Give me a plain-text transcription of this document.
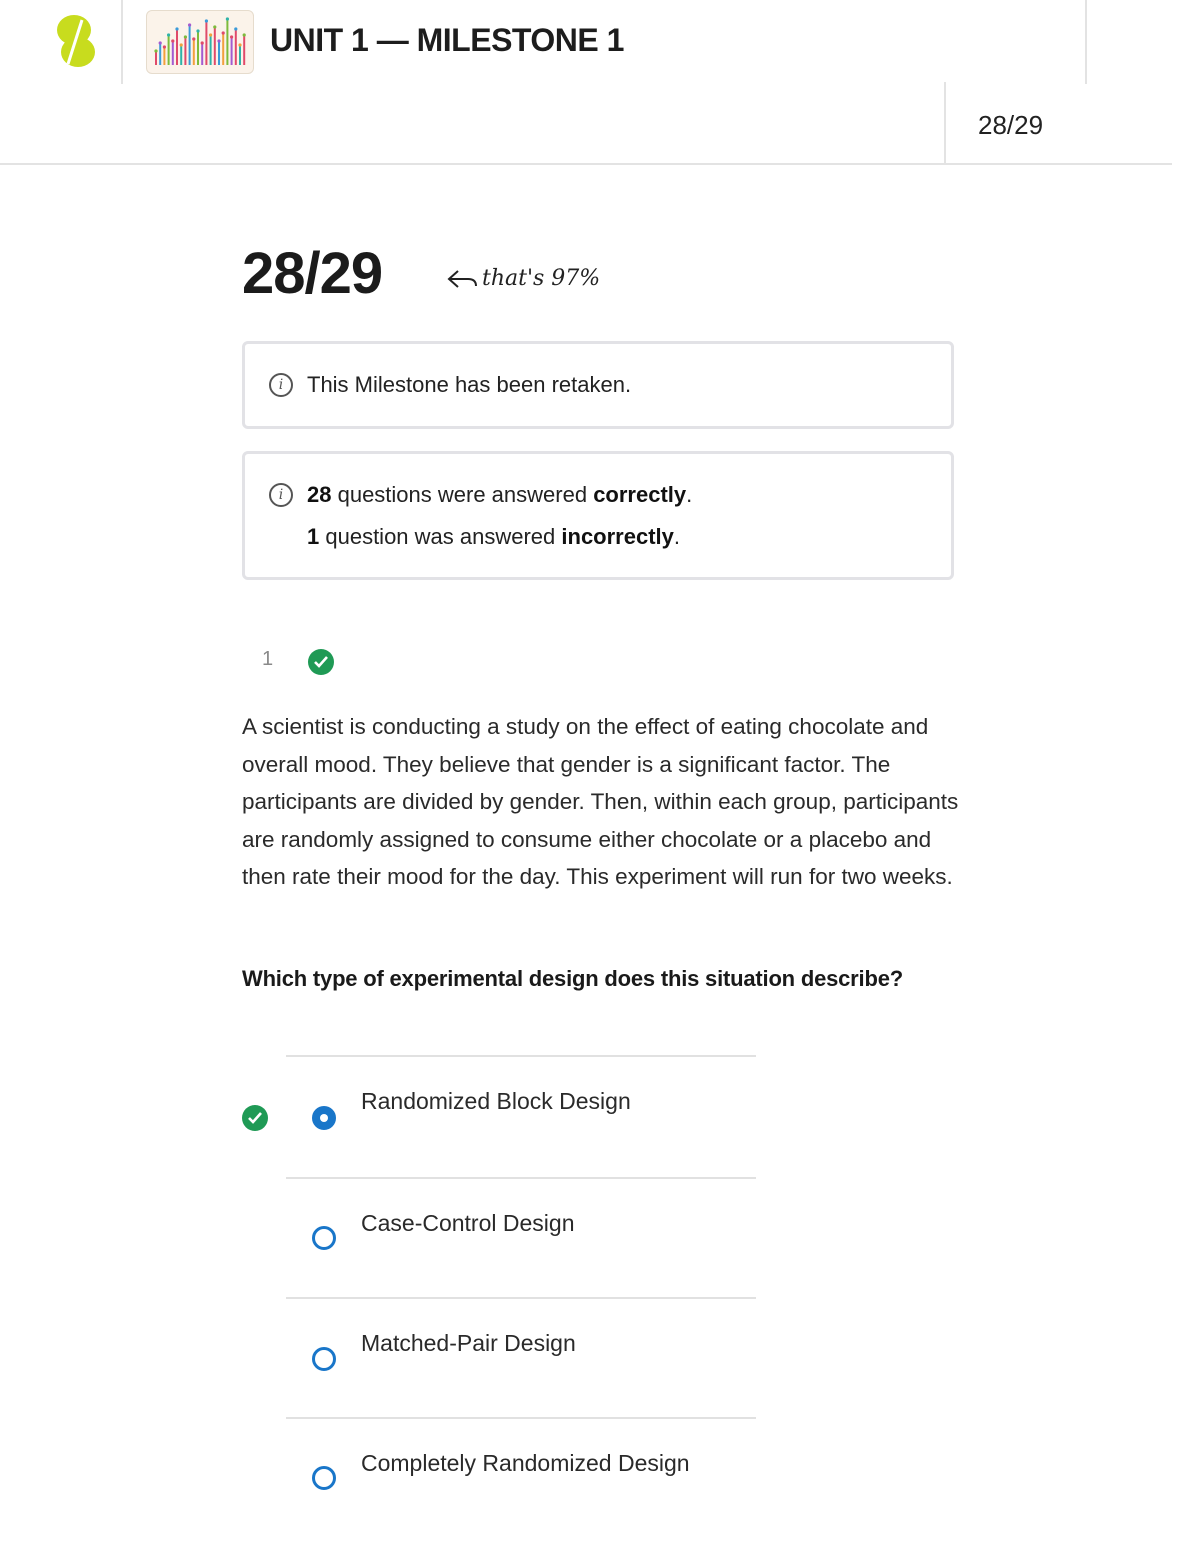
UNIT 1 — MILESTONE 1
28/29
28/29	that's 97%
i	This Milestone has been retaken.
i	28 questions were answered correctly.
1 question was answered incorrectly.
1
A scientist is conducting a study on the effect of eating chocolate and overall mood. They believe that gender is a significant factor. The participants are divided by gender. Then, within each group, participants are randomly assigned to consume either chocolate or a placebo and then rate their mood for the day. This experiment will run for two weeks.
Which type of experimental design does this situation describe?
Randomized Block Design
Case-Control Design
Matched-Pair Design
Completely Randomized Design
